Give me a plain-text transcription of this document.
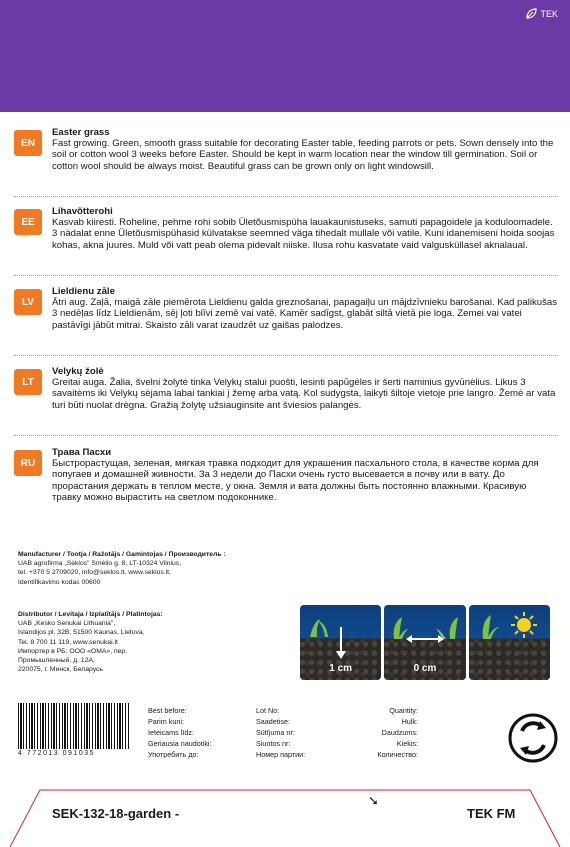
TEK
EN
Easter grass
Fast growing. Green, smooth grass suitable for decorating Easter table, feeding parrots or pets. Sown densely into the soil or cotton wool 3 weeks before Easter. Should be kept in warm location near the window till germination. Soil or cotton wool should be always moist. Beautiful grass can be grown only on light windowsill.
EE
Lihavõtterohi
Kasvab kiiresti. Roheline, pehme rohi sobib Ületõusmispüha lauakaunistuseks, samuti papagoidele ja koduloomadele. 3 nädalat enne Ületõusmispühasid külvatakse seemned väga tihedalt mullale või vatile. Kuni idanemiseni hoida soojas kohas, akna juures. Muld või vatt peab olema pidevalt niiske. Ilusa rohu kasvatate vaid valgusküllasel aknalaual.
LV
Lieldienu zāle
Ātri aug. Zaļā, maigā zāle piemērota Lieldienu galda greznošanai, papagaiļu un mājdzīvnieku barošanai. Kad palikušas 3 nedēļas līdz Lieldienām, sēj ļoti blīvi zemē vai vatē. Kamēr sadīgst, glabāt siltā vietā pie loga. Zemei vai vatei pastāvīgi jābūt mitrai. Skaisto zāli varat izaudzēt uz gaišas palodzes.
LT
Velykų žolė
Greitai auga. Žalia, švelni žolytė tinka Velykų stalui puošti, lesinti papūgėles ir šerti naminius gyvūnėlius. Likus 3 savaitėms iki Velykų sėjama labai tankiai į žemę arba vatą. Kol sudygsta, laikyti šiltoje vietoje prie langro. Žemė ar vata turi būti nuolat drėgna. Gražią žolytę užsiauginsite ant šviesios palangės.
RU
Трава Пасхи
Быстрорастущая, зеленая, мягкая травка подходит для украшения пасхального стола, в качестве корма для попугаев и домашней живности. За 3 недели до Пасхи очень густо высевается в почву или в вату. До прорастания держать в теплом месте, у окна. Земля и вата должны быть постоянно влажными. Красивую травку можно вырастить на светлом подоконнике.
Manufacturer / Tootja / Ražotājs / Gamintojas / Производитель :
UAB agrofirma „Sėklos" Smėlio g. 8, LT-10324 Vilnius,
tel. +370 5 2709020, info@seklos.lt, www.seklos.lt,
Identifikavimo kodas 00600
Distributor / Levitaja / Izplatītājs / Platintojas:
UAB „Kesko Senukai Lithuania",
Islandijos pl. 32B, 51500 Kaunas, Lietuva,
Tel. 8 700 11 119, www.senukai.lt
Импортер в РБ: ООО «ОМА», пер.
Промышленный, д. 12А,
220075, г. Минск, Беларусь	1 cm	0 cm
4 772013 091035
Best before:
Parim kuni:
Ieteicams līdz:
Geriausia naudotiki:
Употребить до:
Lot No:
Saadetise:
Sūtījuma nr:
Siuntos nr:
Номер партии:
Quantity:
Hulk:
Daudzums:
Kiekis:
Количество:
SEK-132-18-garden -
➘
TEK FM
